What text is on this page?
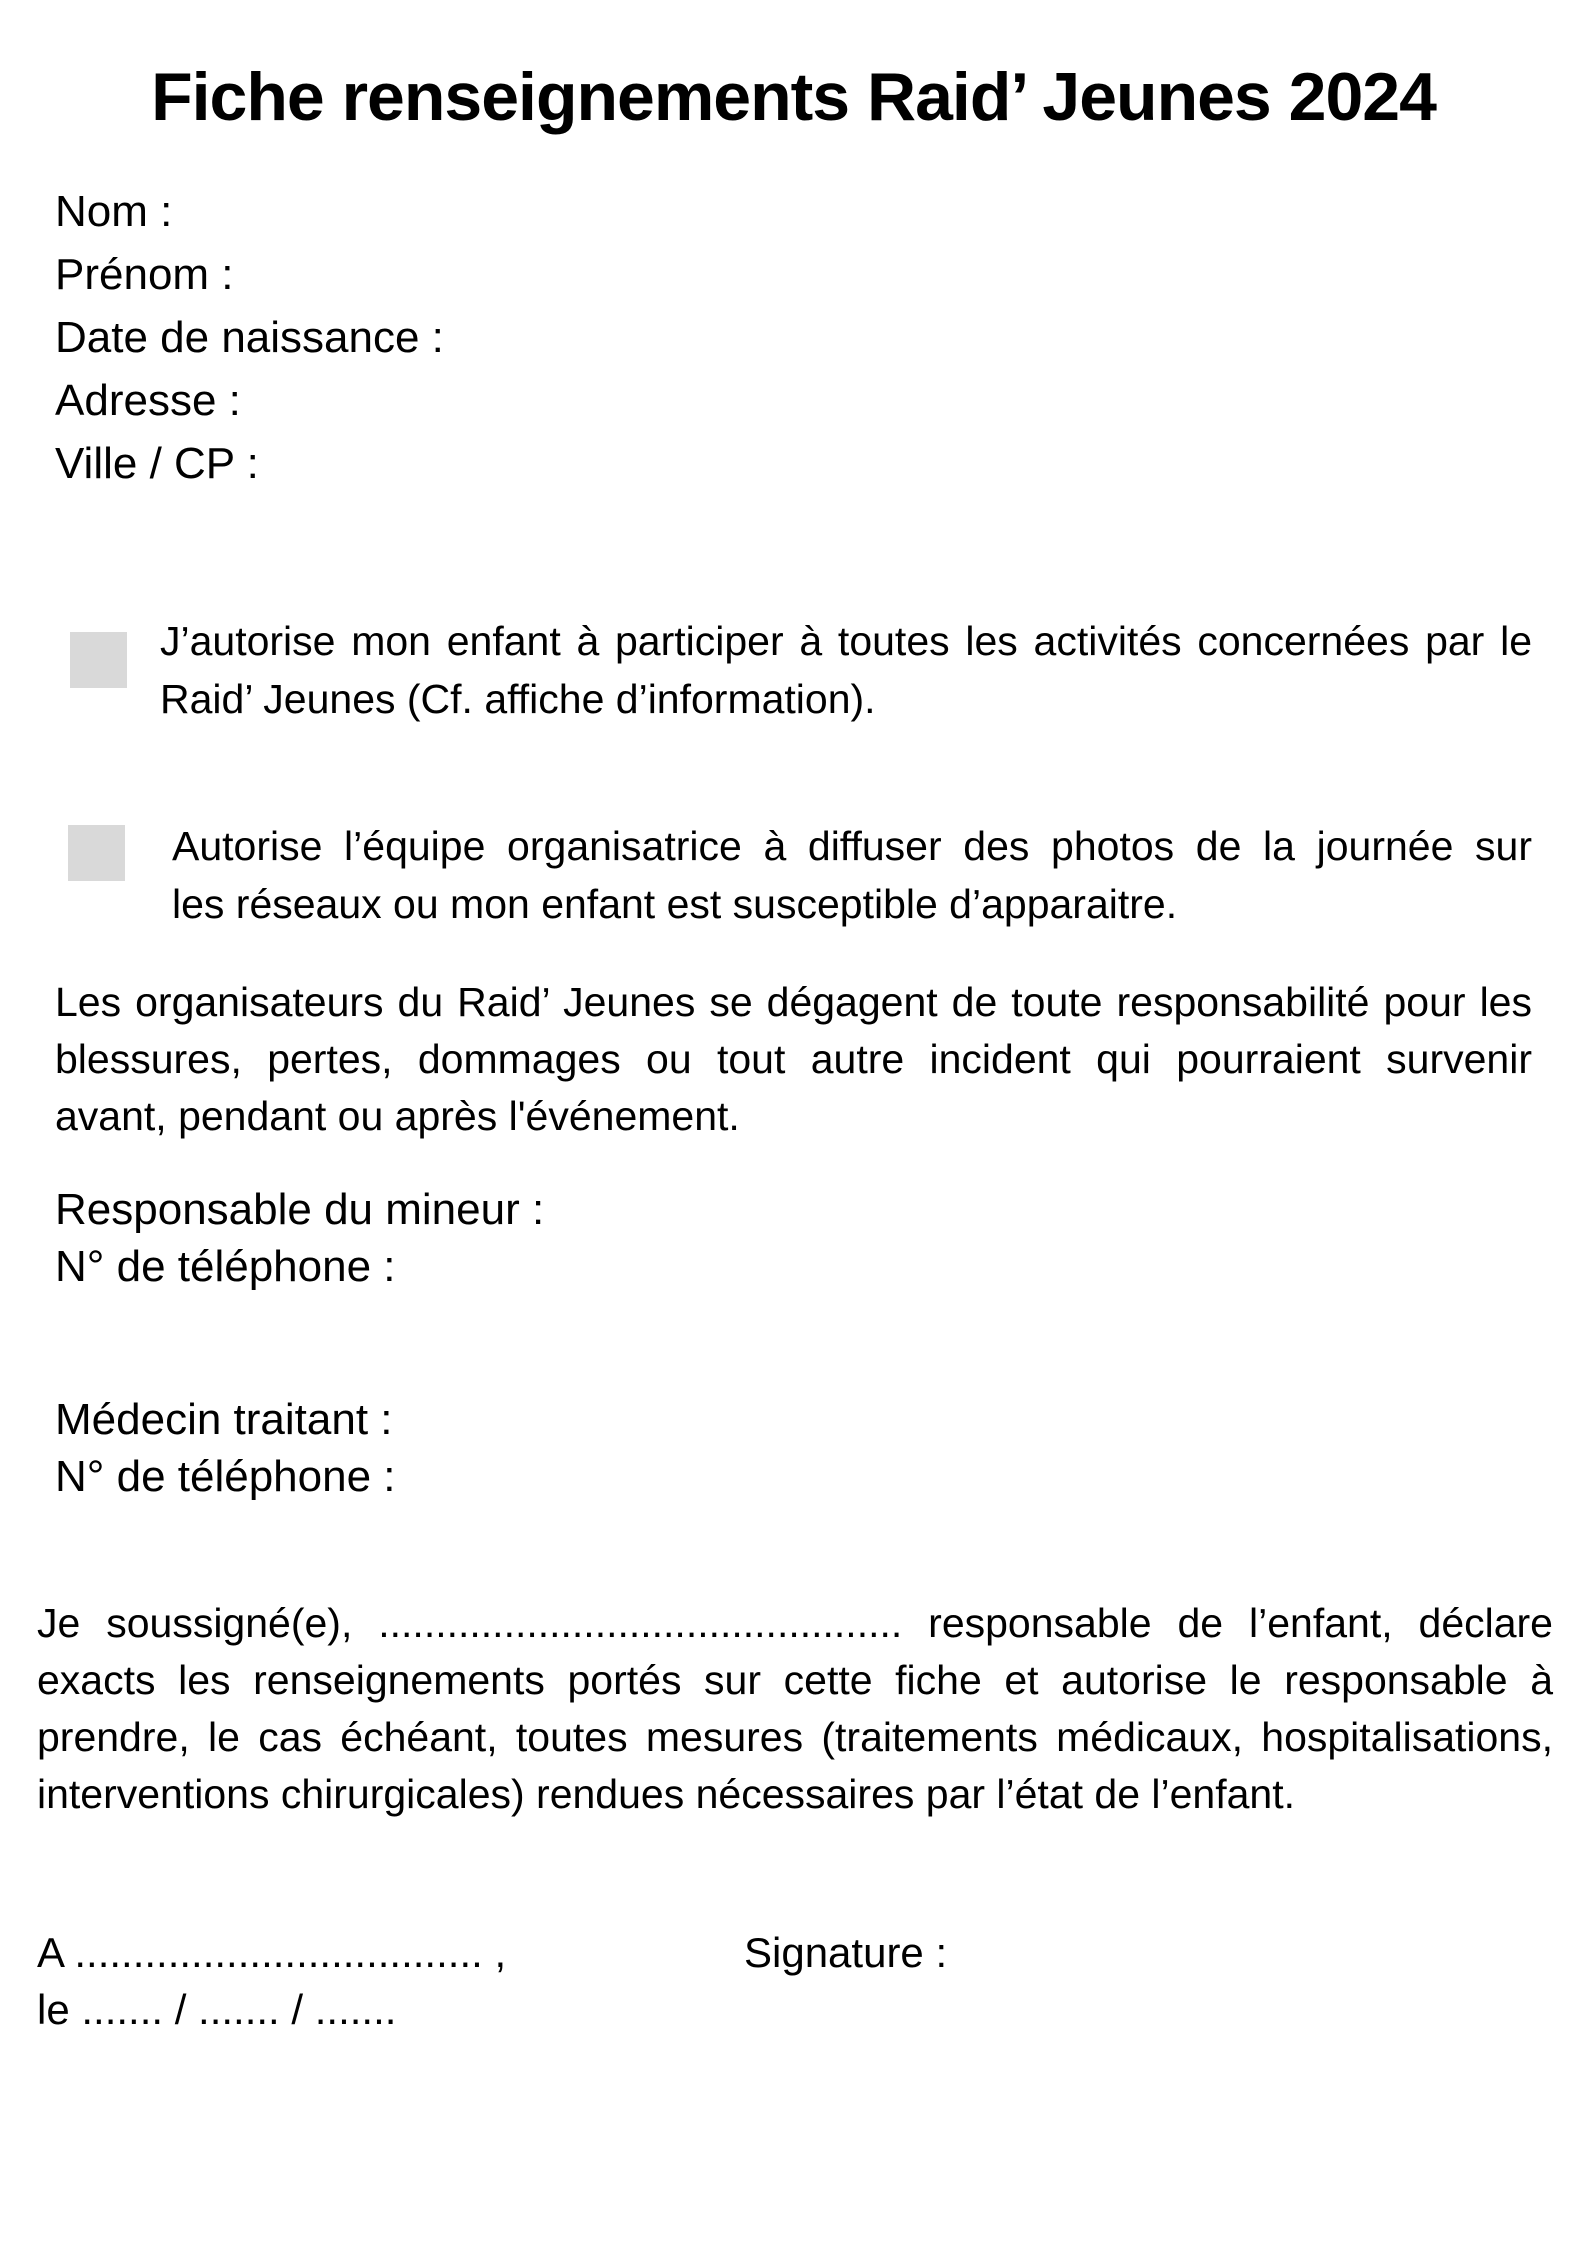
Fiche renseignements Raid’ Jeunes 2024
Nom :
Prénom :
Date de naissance :
Adresse :
Ville / CP :
J’autorise mon enfant à participer à toutes les activités concernées par le
Raid’ Jeunes (Cf. affiche d’information).
Autorise l’équipe organisatrice à diffuser des photos de la journée sur
les réseaux ou mon enfant est susceptible d’apparaitre.
Les organisateurs du Raid’ Jeunes se dégagent de toute responsabilité pour les
blessures, pertes, dommages ou tout autre incident qui pourraient survenir
avant, pendant ou après l'événement.
Responsable du mineur :
N° de téléphone :
Médecin traitant :
N° de téléphone :
Je soussigné(e), .............................................. responsable de l’enfant, déclare
exacts les renseignements portés sur cette fiche et autorise le responsable à
prendre, le cas échéant, toutes mesures (traitements médicaux, hospitalisations,
interventions chirurgicales) rendues nécessaires par l’état de l’enfant.
A ................................... ,	Signature :
le ....... / ....... / .......
